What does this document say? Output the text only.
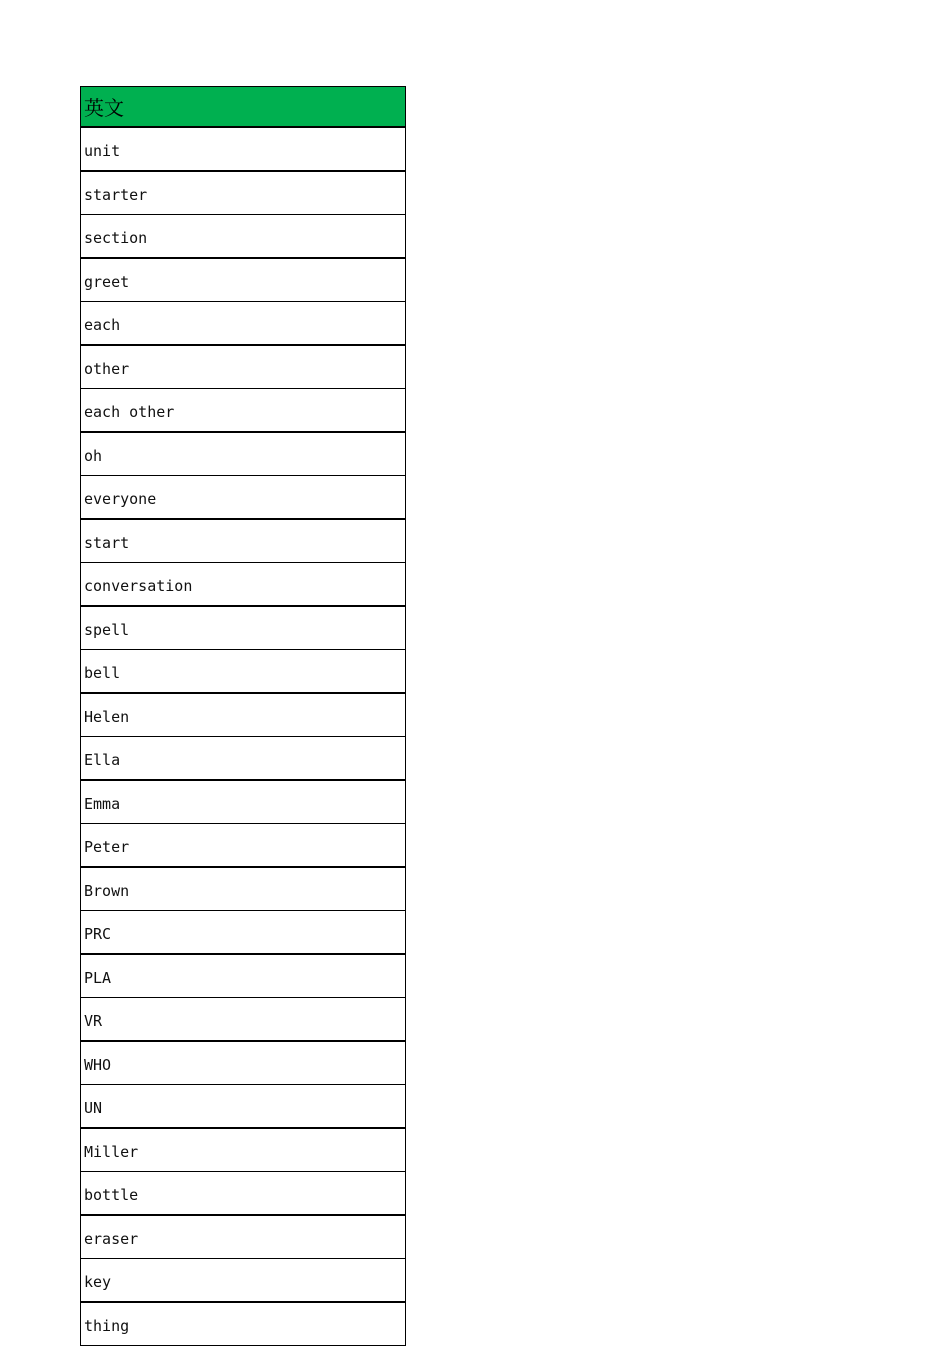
英文
unit
starter
section
greet
each
other
each other
oh
everyone
start
conversation
spell
bell
Helen
Ella
Emma
Peter
Brown
PRC
PLA
VR
WHO
UN
Miller
bottle
eraser
key
thing
